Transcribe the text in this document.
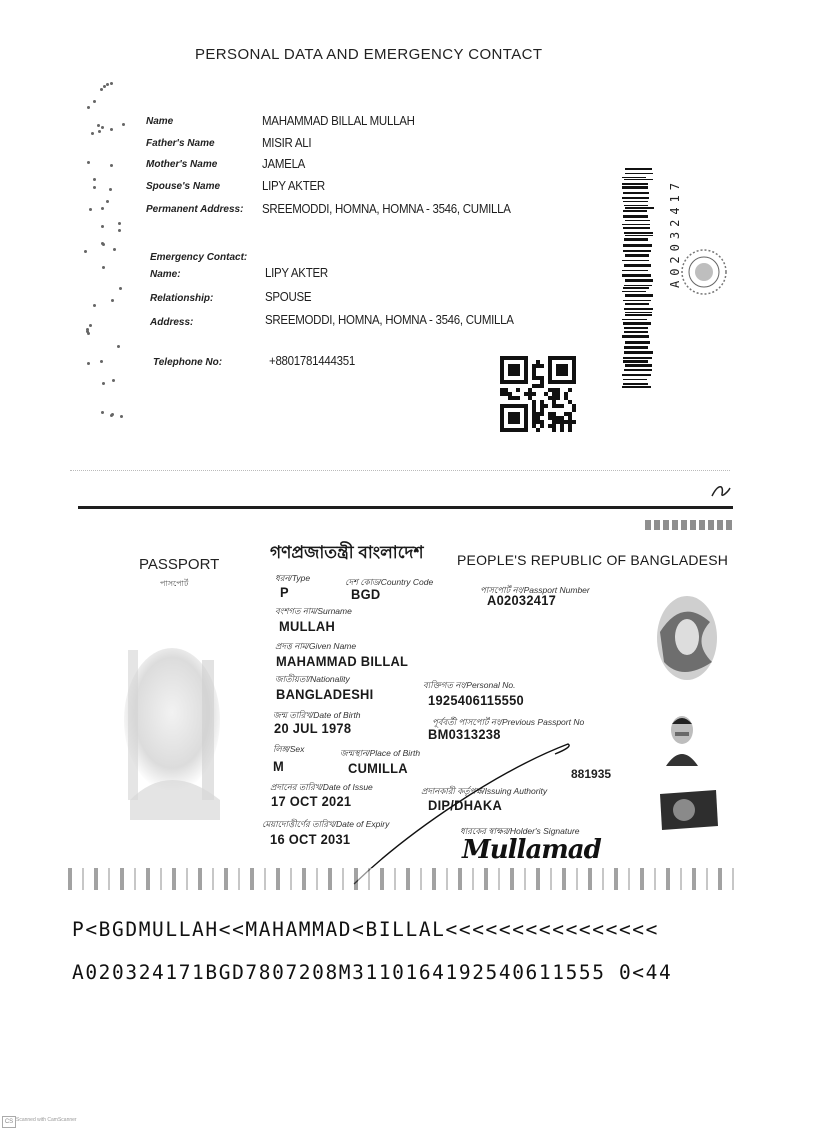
PERSONAL DATA AND EMERGENCY CONTACT
Name	MAHAMMAD BILLAL MULLAH
Father's Name	MISIR ALI
Mother's Name	JAMELA
Spouse's Name	LIPY AKTER
Permanent Address: SREEMODDI, HOMNA, HOMNA - 3546, CUMILLA
Emergency Contact:
Name:	LIPY AKTER
Relationship:	SPOUSE
Address:	SREEMODDI, HOMNA, HOMNA - 3546, CUMILLA
Telephone No:	+8801781444351
A02032417
PASSPORT
পাসপোর্ট
গণপ্রজাতন্ত্রী বাংলাদেশ PEOPLE'S REPUBLIC OF BANGLADESH
ধরন/Type
P
দেশ কোড/Country Code
BGD	পাসপোর্ট নং/Passport Number
A02032417
বংশগত নাম/Surname
MULLAH
প্রদত্ত নাম/Given Name
MAHAMMAD BILLAL
জাতীয়তা/Nationality
BANGLADESHI
ব্যক্তিগত নং/Personal No.
1925406115550
জন্ম তারিখ/Date of Birth
20 JUL 1978	পূর্ববর্তী পাসপোর্ট নং/Previous Passport No
BM0313238
লিঙ্গ/Sex
M
জন্মস্থান/Place of Birth
CUMILLA	881935
প্রদানের তারিখ/Date of Issue
17 OCT 2021
প্রদানকারী কর্তৃপক্ষ/Issuing Authority
DIP/DHAKA
মেয়াদোত্তীর্ণের তারিখ/Date of Expiry
16 OCT 2031	ধারকের স্বাক্ষর/Holder's Signature
Mullamad
P<BGDMULLAH<<MAHAMMAD<BILLAL<<<<<<<<<<<<<<<<
A020324171BGD7807208M3110164192540611555 0<44
CS Scanned with CamScanner
